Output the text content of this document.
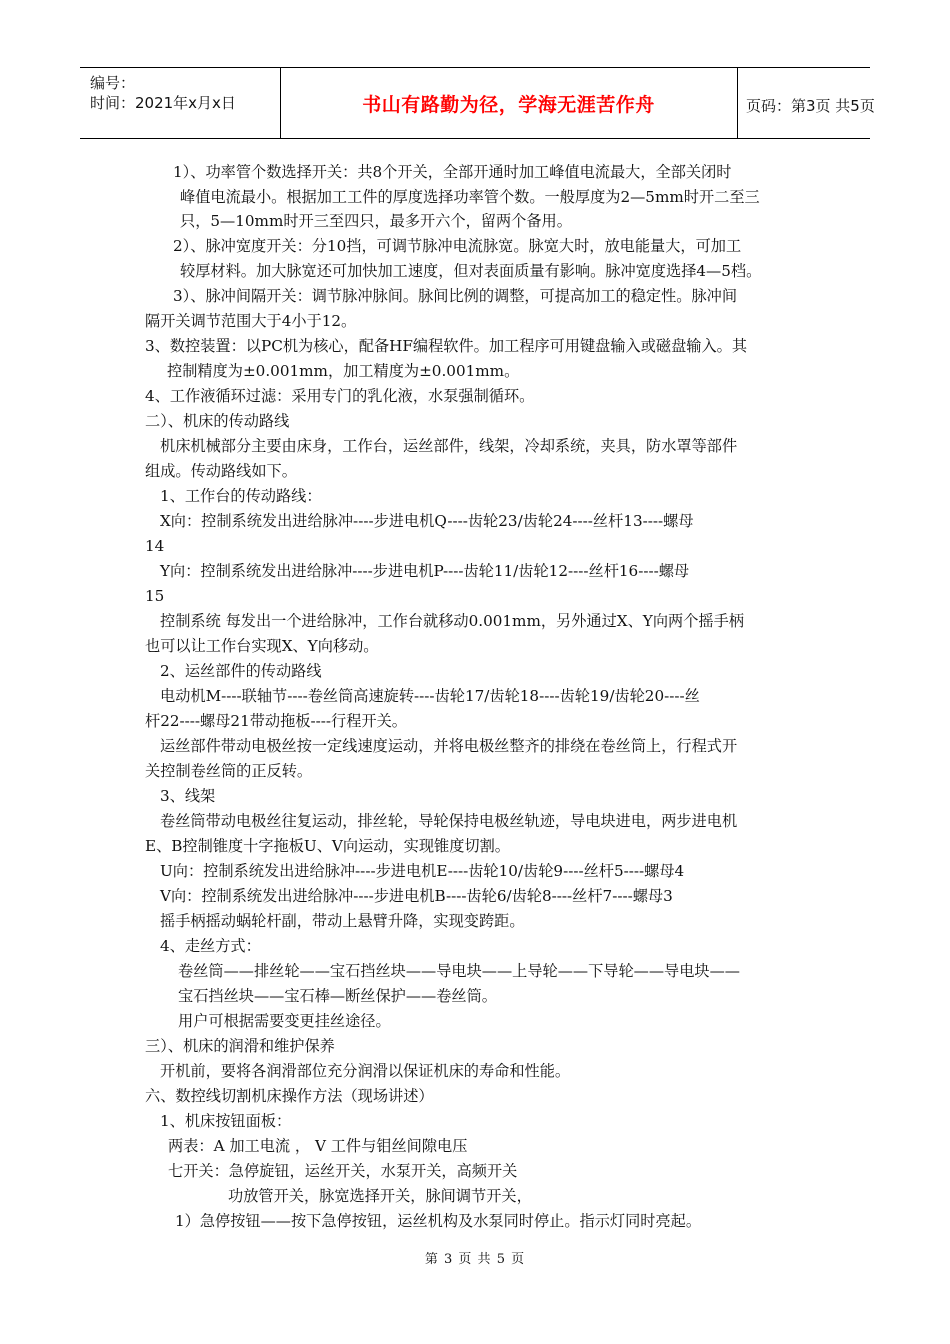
编号：
时间：2021年x月x日	书山有路勤为径，学海无涯苦作舟	页码：第3页 共5页
1）、功率管个数选择开关：共8个开关，全部开通时加工峰值电流最大，全部关闭时
峰值电流最小。根据加工工件的厚度选择功率管个数。一般厚度为2—5mm时开二至三
只，5—10mm时开三至四只，最多开六个，留两个备用。
2）、脉冲宽度开关：分10挡，可调节脉冲电流脉宽。脉宽大时，放电能量大，可加工
较厚材料。加大脉宽还可加快加工速度，但对表面质量有影响。脉冲宽度选择4—5档。
3）、脉冲间隔开关：调节脉冲脉间。脉间比例的调整，可提高加工的稳定性。脉冲间
隔开关调节范围大于4小于12。
3、数控装置：以PC机为核心，配备HF编程软件。加工程序可用键盘输入或磁盘输入。其
控制精度为±0.001mm，加工精度为±0.001mm。
4、工作液循环过滤：采用专门的乳化液，水泵强制循环。
二）、机床的传动路线
机床机械部分主要由床身，工作台，运丝部件，线架，冷却系统，夹具，防水罩等部件
组成。传动路线如下。
1、工作台的传动路线：
X向：控制系统发出进给脉冲----步进电机Q----齿轮23/齿轮24----丝杆13----螺母
14
Y向：控制系统发出进给脉冲----步进电机P----齿轮11/齿轮12----丝杆16----螺母
15
控制系统 每发出一个进给脉冲，工作台就移动0.001mm，另外通过X、Y向两个摇手柄
也可以让工作台实现X、Y向移动。
2、运丝部件的传动路线
电动机M----联轴节----卷丝筒高速旋转----齿轮17/齿轮18----齿轮19/齿轮20----丝
杆22----螺母21带动拖板----行程开关。
运丝部件带动电极丝按一定线速度运动，并将电极丝整齐的排绕在卷丝筒上，行程式开
关控制卷丝筒的正反转。
3、线架
卷丝筒带动电极丝往复运动，排丝轮，导轮保持电极丝轨迹，导电块进电，两步进电机
E、B控制锥度十字拖板U、V向运动，实现锥度切割。
U向：控制系统发出进给脉冲----步进电机E----齿轮10/齿轮9----丝杆5----螺母4
V向：控制系统发出进给脉冲----步进电机B----齿轮6/齿轮8----丝杆7----螺母3
摇手柄摇动蜗轮杆副，带动上悬臂升降，实现变跨距。
4、走丝方式：
卷丝筒——排丝轮——宝石挡丝块——导电块——上导轮——下导轮——导电块——
宝石挡丝块——宝石棒—断丝保护——卷丝筒。
用户可根据需要变更挂丝途径。
三）、机床的润滑和维护保养
开机前，要将各润滑部位充分润滑以保证机床的寿命和性能。
六、数控线切割机床操作方法（现场讲述）
1、机床按钮面板：
两表：A 加工电流 ， V 工件与钼丝间隙电压
七开关：急停旋钮，运丝开关，水泵开关，高频开关
功放管开关，脉宽选择开关，脉间调节开关，
1）急停按钮——按下急停按钮，运丝机构及水泵同时停止。指示灯同时亮起。
第 3 页 共 5 页
